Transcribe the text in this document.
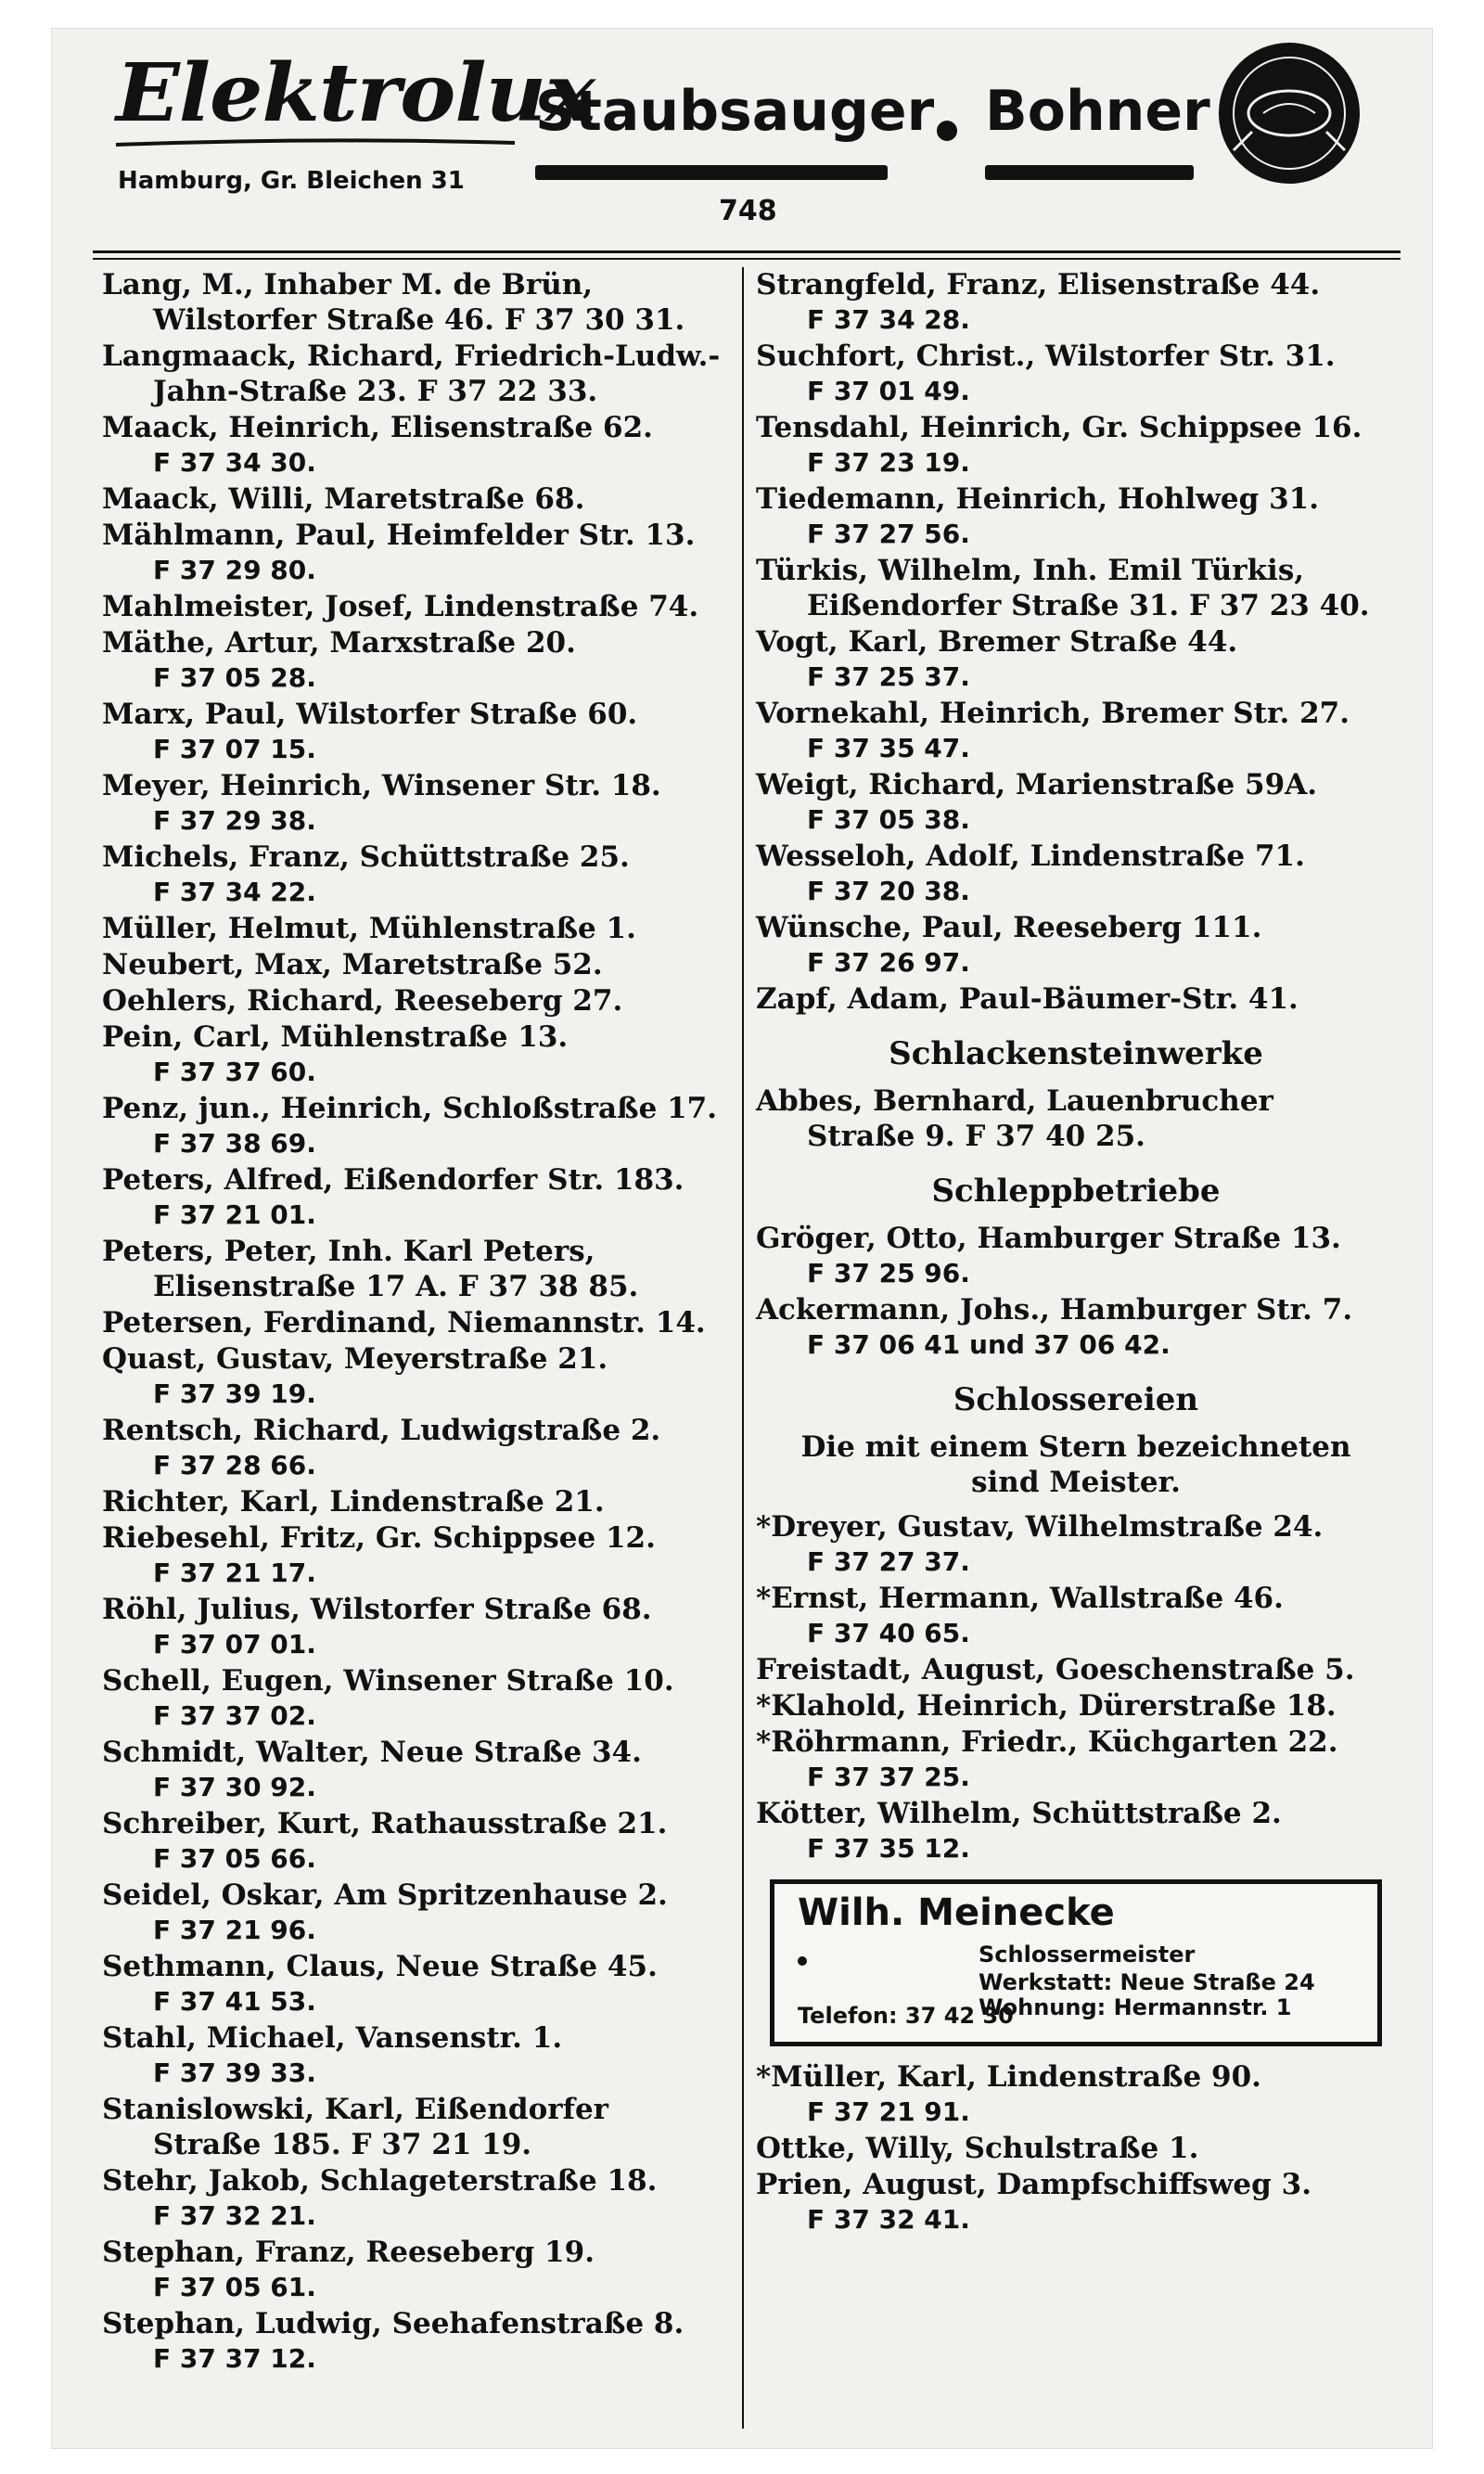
Elektrolux
Hamburg, Gr. Bleichen 31
Staubsauger Bohner
748
Lang, M., Inhaber M. de Brün,
Wilstorfer Straße 46. F 37 30 31.
Langmaack, Richard, Friedrich-Ludw.-
Jahn-Straße 23. F 37 22 33.
Maack, Heinrich, Elisenstraße 62.
F 37 34 30.
Maack, Willi, Maretstraße 68.
Mählmann, Paul, Heimfelder Str. 13.
F 37 29 80.
Mahlmeister, Josef, Lindenstraße 74.
Mäthe, Artur, Marxstraße 20.
F 37 05 28.
Marx, Paul, Wilstorfer Straße 60.
F 37 07 15.
Meyer, Heinrich, Winsener Str. 18.
F 37 29 38.
Michels, Franz, Schüttstraße 25.
F 37 34 22.
Müller, Helmut, Mühlenstraße 1.
Neubert, Max, Maretstraße 52.
Oehlers, Richard, Reeseberg 27.
Pein, Carl, Mühlenstraße 13.
F 37 37 60.
Penz, jun., Heinrich, Schloßstraße 17.
F 37 38 69.
Peters, Alfred, Eißendorfer Str. 183.
F 37 21 01.
Peters, Peter, Inh. Karl Peters,
Elisenstraße 17 A. F 37 38 85.
Petersen, Ferdinand, Niemannstr. 14.
Quast, Gustav, Meyerstraße 21.
F 37 39 19.
Rentsch, Richard, Ludwigstraße 2.
F 37 28 66.
Richter, Karl, Lindenstraße 21.
Riebesehl, Fritz, Gr. Schippsee 12.
F 37 21 17.
Röhl, Julius, Wilstorfer Straße 68.
F 37 07 01.
Schell, Eugen, Winsener Straße 10.
F 37 37 02.
Schmidt, Walter, Neue Straße 34.
F 37 30 92.
Schreiber, Kurt, Rathausstraße 21.
F 37 05 66.
Seidel, Oskar, Am Spritzenhause 2.
F 37 21 96.
Sethmann, Claus, Neue Straße 45.
F 37 41 53.
Stahl, Michael, Vansenstr. 1.
F 37 39 33.
Stanislowski, Karl, Eißendorfer
Straße 185. F 37 21 19.
Stehr, Jakob, Schlageterstraße 18.
F 37 32 21.
Stephan, Franz, Reeseberg 19.
F 37 05 61.
Stephan, Ludwig, Seehafenstraße 8.
F 37 37 12.
Strangfeld, Franz, Elisenstraße 44.
F 37 34 28.
Suchfort, Christ., Wilstorfer Str. 31.
F 37 01 49.
Tensdahl, Heinrich, Gr. Schippsee 16.
F 37 23 19.
Tiedemann, Heinrich, Hohlweg 31.
F 37 27 56.
Türkis, Wilhelm, Inh. Emil Türkis,
Eißendorfer Straße 31. F 37 23 40.
Vogt, Karl, Bremer Straße 44.
F 37 25 37.
Vornekahl, Heinrich, Bremer Str. 27.
F 37 35 47.
Weigt, Richard, Marienstraße 59A.
F 37 05 38.
Wesseloh, Adolf, Lindenstraße 71.
F 37 20 38.
Wünsche, Paul, Reeseberg 111.
F 37 26 97.
Zapf, Adam, Paul-Bäumer-Str. 41.
Schlackensteinwerke
Abbes, Bernhard, Lauenbrucher
Straße 9. F 37 40 25.
Schleppbetriebe
Gröger, Otto, Hamburger Straße 13.
F 37 25 96.
Ackermann, Johs., Hamburger Str. 7.
F 37 06 41 und 37 06 42.
Schlossereien
Die mit einem Stern bezeichneten
sind Meister.
*Dreyer, Gustav, Wilhelmstraße 24.
F 37 27 37.
*Ernst, Hermann, Wallstraße 46.
F 37 40 65.
Freistadt, August, Goeschenstraße 5.
*Klahold, Heinrich, Dürerstraße 18.
*Röhrmann, Friedr., Küchgarten 22.
F 37 37 25.
Kötter, Wilhelm, Schüttstraße 2.
F 37 35 12.
Wilh. Meinecke
Schlossermeister
Werkstatt: Neue Straße 24
Wohnung: Hermannstr. 1
Telefon: 37 42 30
*Müller, Karl, Lindenstraße 90.
F 37 21 91.
Ottke, Willy, Schulstraße 1.
Prien, August, Dampfschiffsweg 3.
F 37 32 41.
